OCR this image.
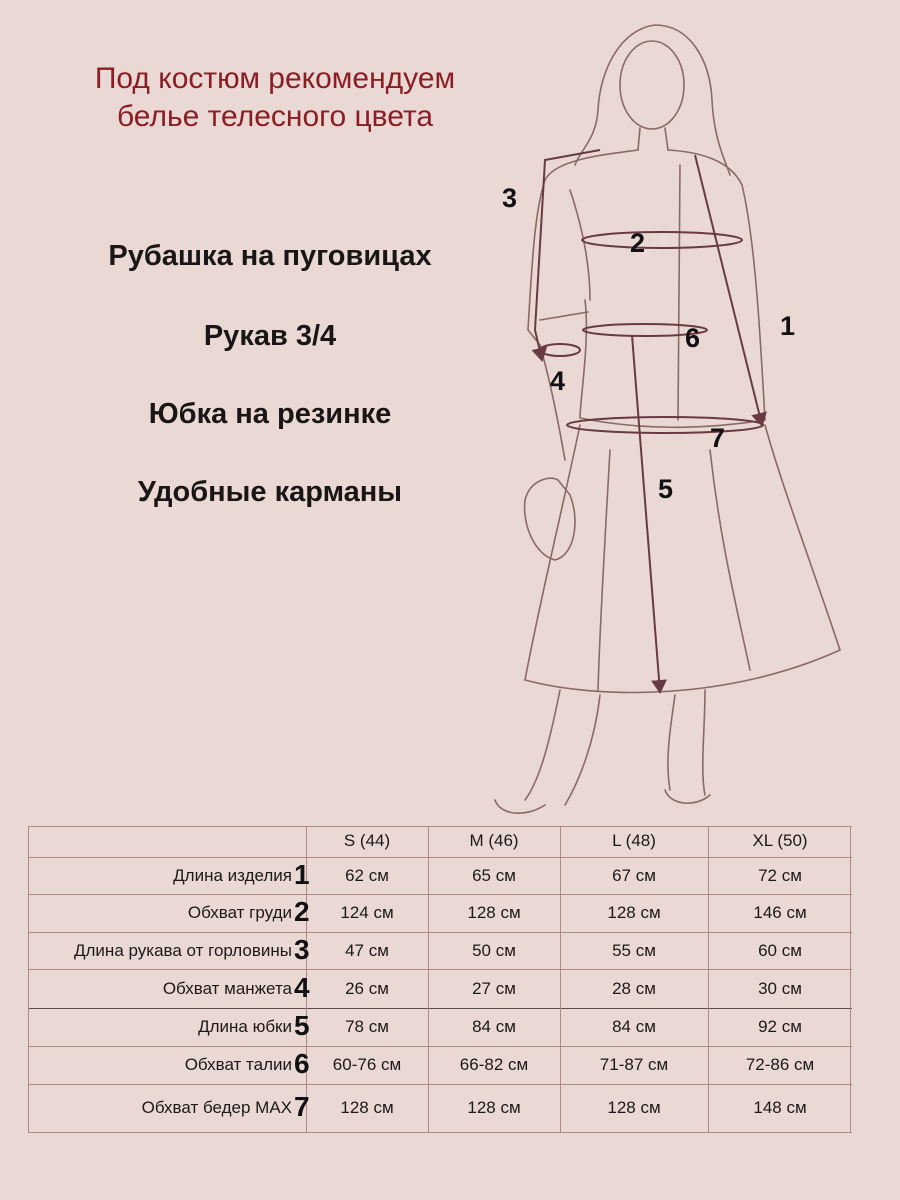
Под костюм рекомендуем
белье телесного цвета
Рубашка на пуговицах
Рукав 3/4
Юбка на резинке
Удобные карманы
1
2
3
4
5
6
7
S (44)	M (46)	L (48)	XL (50)
Длина изделия 1	62 см	65 см	67 см	72 см
Обхват груди 2	124 см	128 см	128 см	146 см
Длина рукава от горловины 3	47 см	50 см	55 см	60 см
Обхват манжета 4	26 см	27 см	28 см	30 см
Длина юбки 5	78 см	84 см	84 см	92 см
Обхват талии 6	60-76 см	66-82 см	71-87 см	72-86 см
Обхват бедер MAX 7	128 см	128 см	128 см	148 см
